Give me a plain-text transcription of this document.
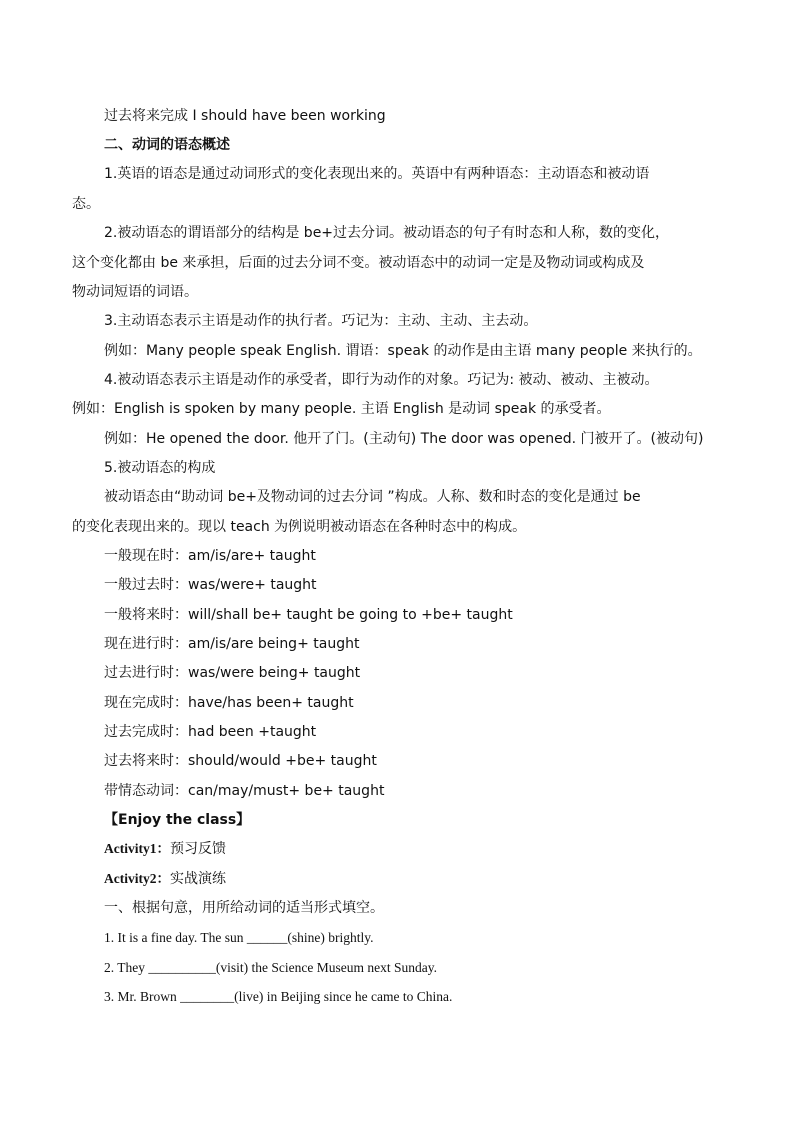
过去将来完成 I should have been working
二、动词的语态概述
1.英语的语态是通过动词形式的变化表现出来的。英语中有两种语态：主动语态和被动语
态。
2.被动语态的谓语部分的结构是 be+过去分词。被动语态的句子有时态和人称，数的变化，
这个变化都由 be 来承担，后面的过去分词不变。被动语态中的动词一定是及物动词或构成及
物动词短语的词语。
3.主动语态表示主语是动作的执行者。巧记为：主动、主动、主去动。
例如：Many people speak English. 谓语：speak 的动作是由主语 many people 来执行的。
4.被动语态表示主语是动作的承受者，即行为动作的对象。巧记为: 被动、被动、主被动。
例如：English is spoken by many people. 主语 English 是动词 speak 的承受者。
例如：He opened the door. 他开了门。(主动句) The door was opened. 门被开了。(被动句)
5.被动语态的构成
被动语态由“助动词 be+及物动词的过去分词 ”构成。人称、数和时态的变化是通过 be
的变化表现出来的。现以 teach 为例说明被动语态在各种时态中的构成。
一般现在时：am/is/are+ taught
一般过去时：was/were+ taught
一般将来时：will/shall be+ taught be going to +be+ taught
现在进行时：am/is/are being+ taught
过去进行时：was/were being+ taught
现在完成时：have/has been+ taught
过去完成时：had been +taught
过去将来时：should/would +be+ taught
带情态动词：can/may/must+ be+ taught
【Enjoy the class】
Activity1：预习反馈
Activity2：实战演练
一、根据句意，用所给动词的适当形式填空。
1. It is a fine day. The sun ______(shine) brightly.
2. They __________(visit) the Science Museum next Sunday.
3. Mr. Brown ________(live) in Beijing since he came to China.
